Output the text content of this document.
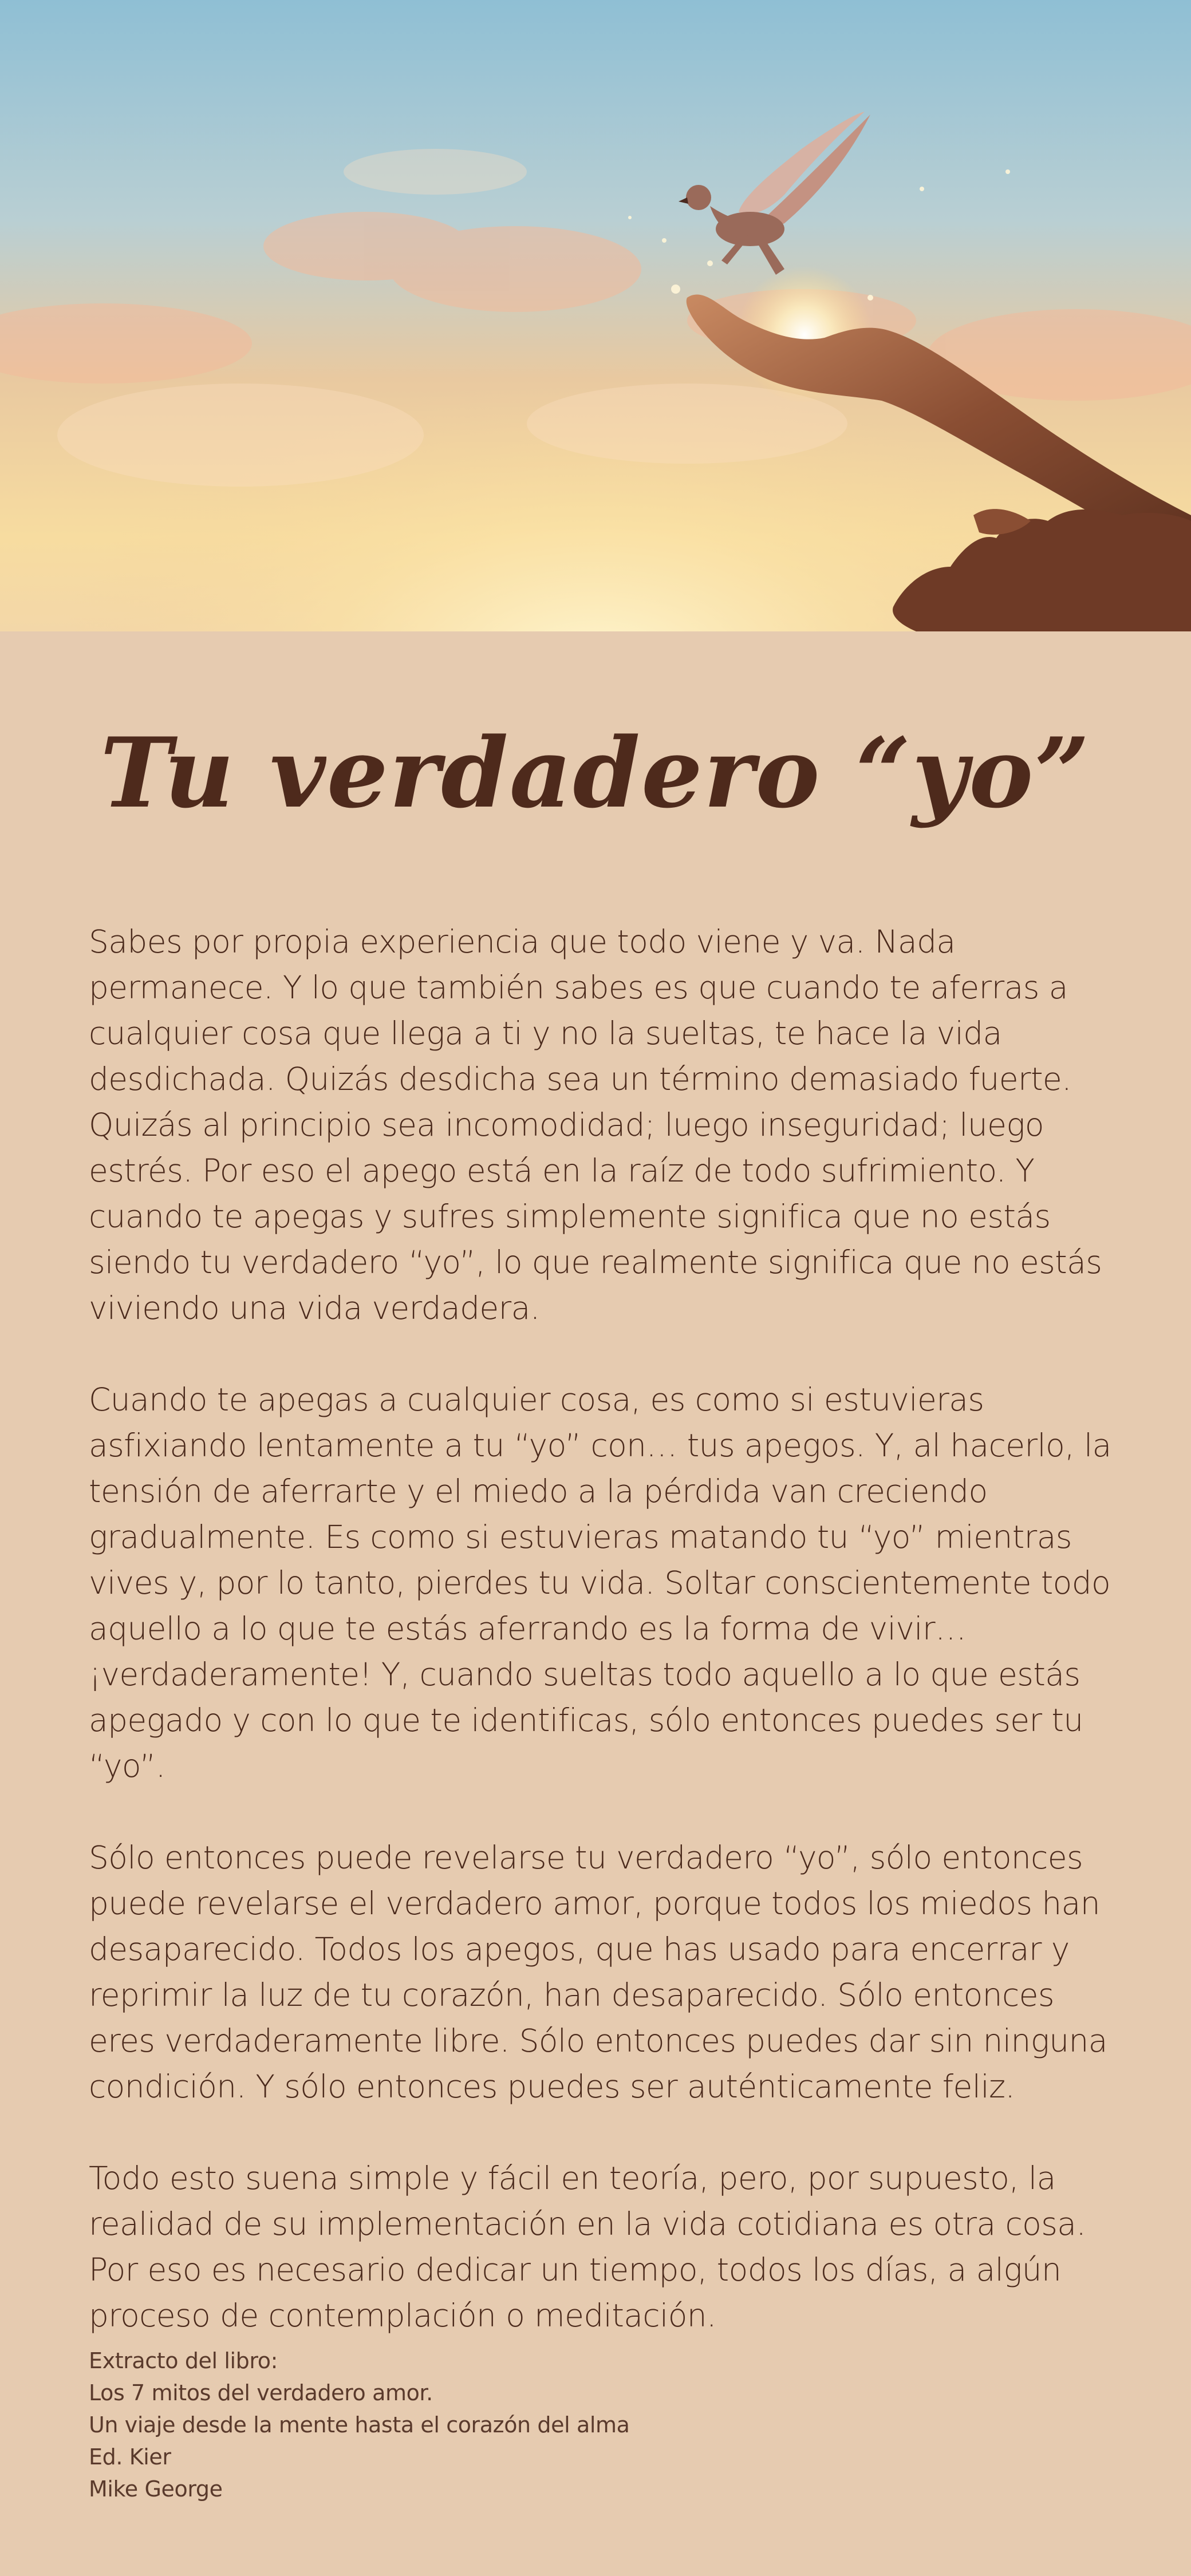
Tu verdadero “yo”

Sabes por propia experiencia que todo viene y va. Nada permanece. Y lo que también sabes es que cuando te aferras a cualquier cosa que llega a ti y no la sueltas, te hace la vida desdichada. Quizás desdicha sea un término demasiado fuerte. Quizás al principio sea incomodidad; luego inseguridad; luego estrés. Por eso el apego está en la raíz de todo sufrimiento. Y cuando te apegas y sufres simplemente significa que no estás siendo tu verdadero “yo”, lo que realmente significa que no estás viviendo una vida verdadera.

Cuando te apegas a cualquier cosa, es como si estuvieras asfixiando lentamente a tu “yo” con… tus apegos. Y, al hacerlo, la tensión de aferrarte y el miedo a la pérdida van creciendo gradualmente. Es como si estuvieras matando tu “yo” mientras vives y, por lo tanto, pierdes tu vida. Soltar conscientemente todo aquello a lo que te estás aferrando es la forma de vivir… ¡verdaderamente! Y, cuando sueltas todo aquello a lo que estás apegado y con lo que te identificas, sólo entonces puedes ser tu “yo”.

Sólo entonces puede revelarse tu verdadero “yo”, sólo entonces puede revelarse el verdadero amor, porque todos los miedos han desaparecido. Todos los apegos, que has usado para encerrar y reprimir la luz de tu corazón, han desaparecido. Sólo entonces eres verdaderamente libre. Sólo entonces puedes dar sin ninguna condición. Y sólo entonces puedes ser auténticamente feliz.

Todo esto suena simple y fácil en teoría, pero, por supuesto, la realidad de su implementación en la vida cotidiana es otra cosa. Por eso es necesario dedicar un tiempo, todos los días, a algún proceso de contemplación o meditación.

Extracto del libro:
Los 7 mitos del verdadero amor.
Un viaje desde la mente hasta el corazón del alma
Ed. Kier
Mike George
